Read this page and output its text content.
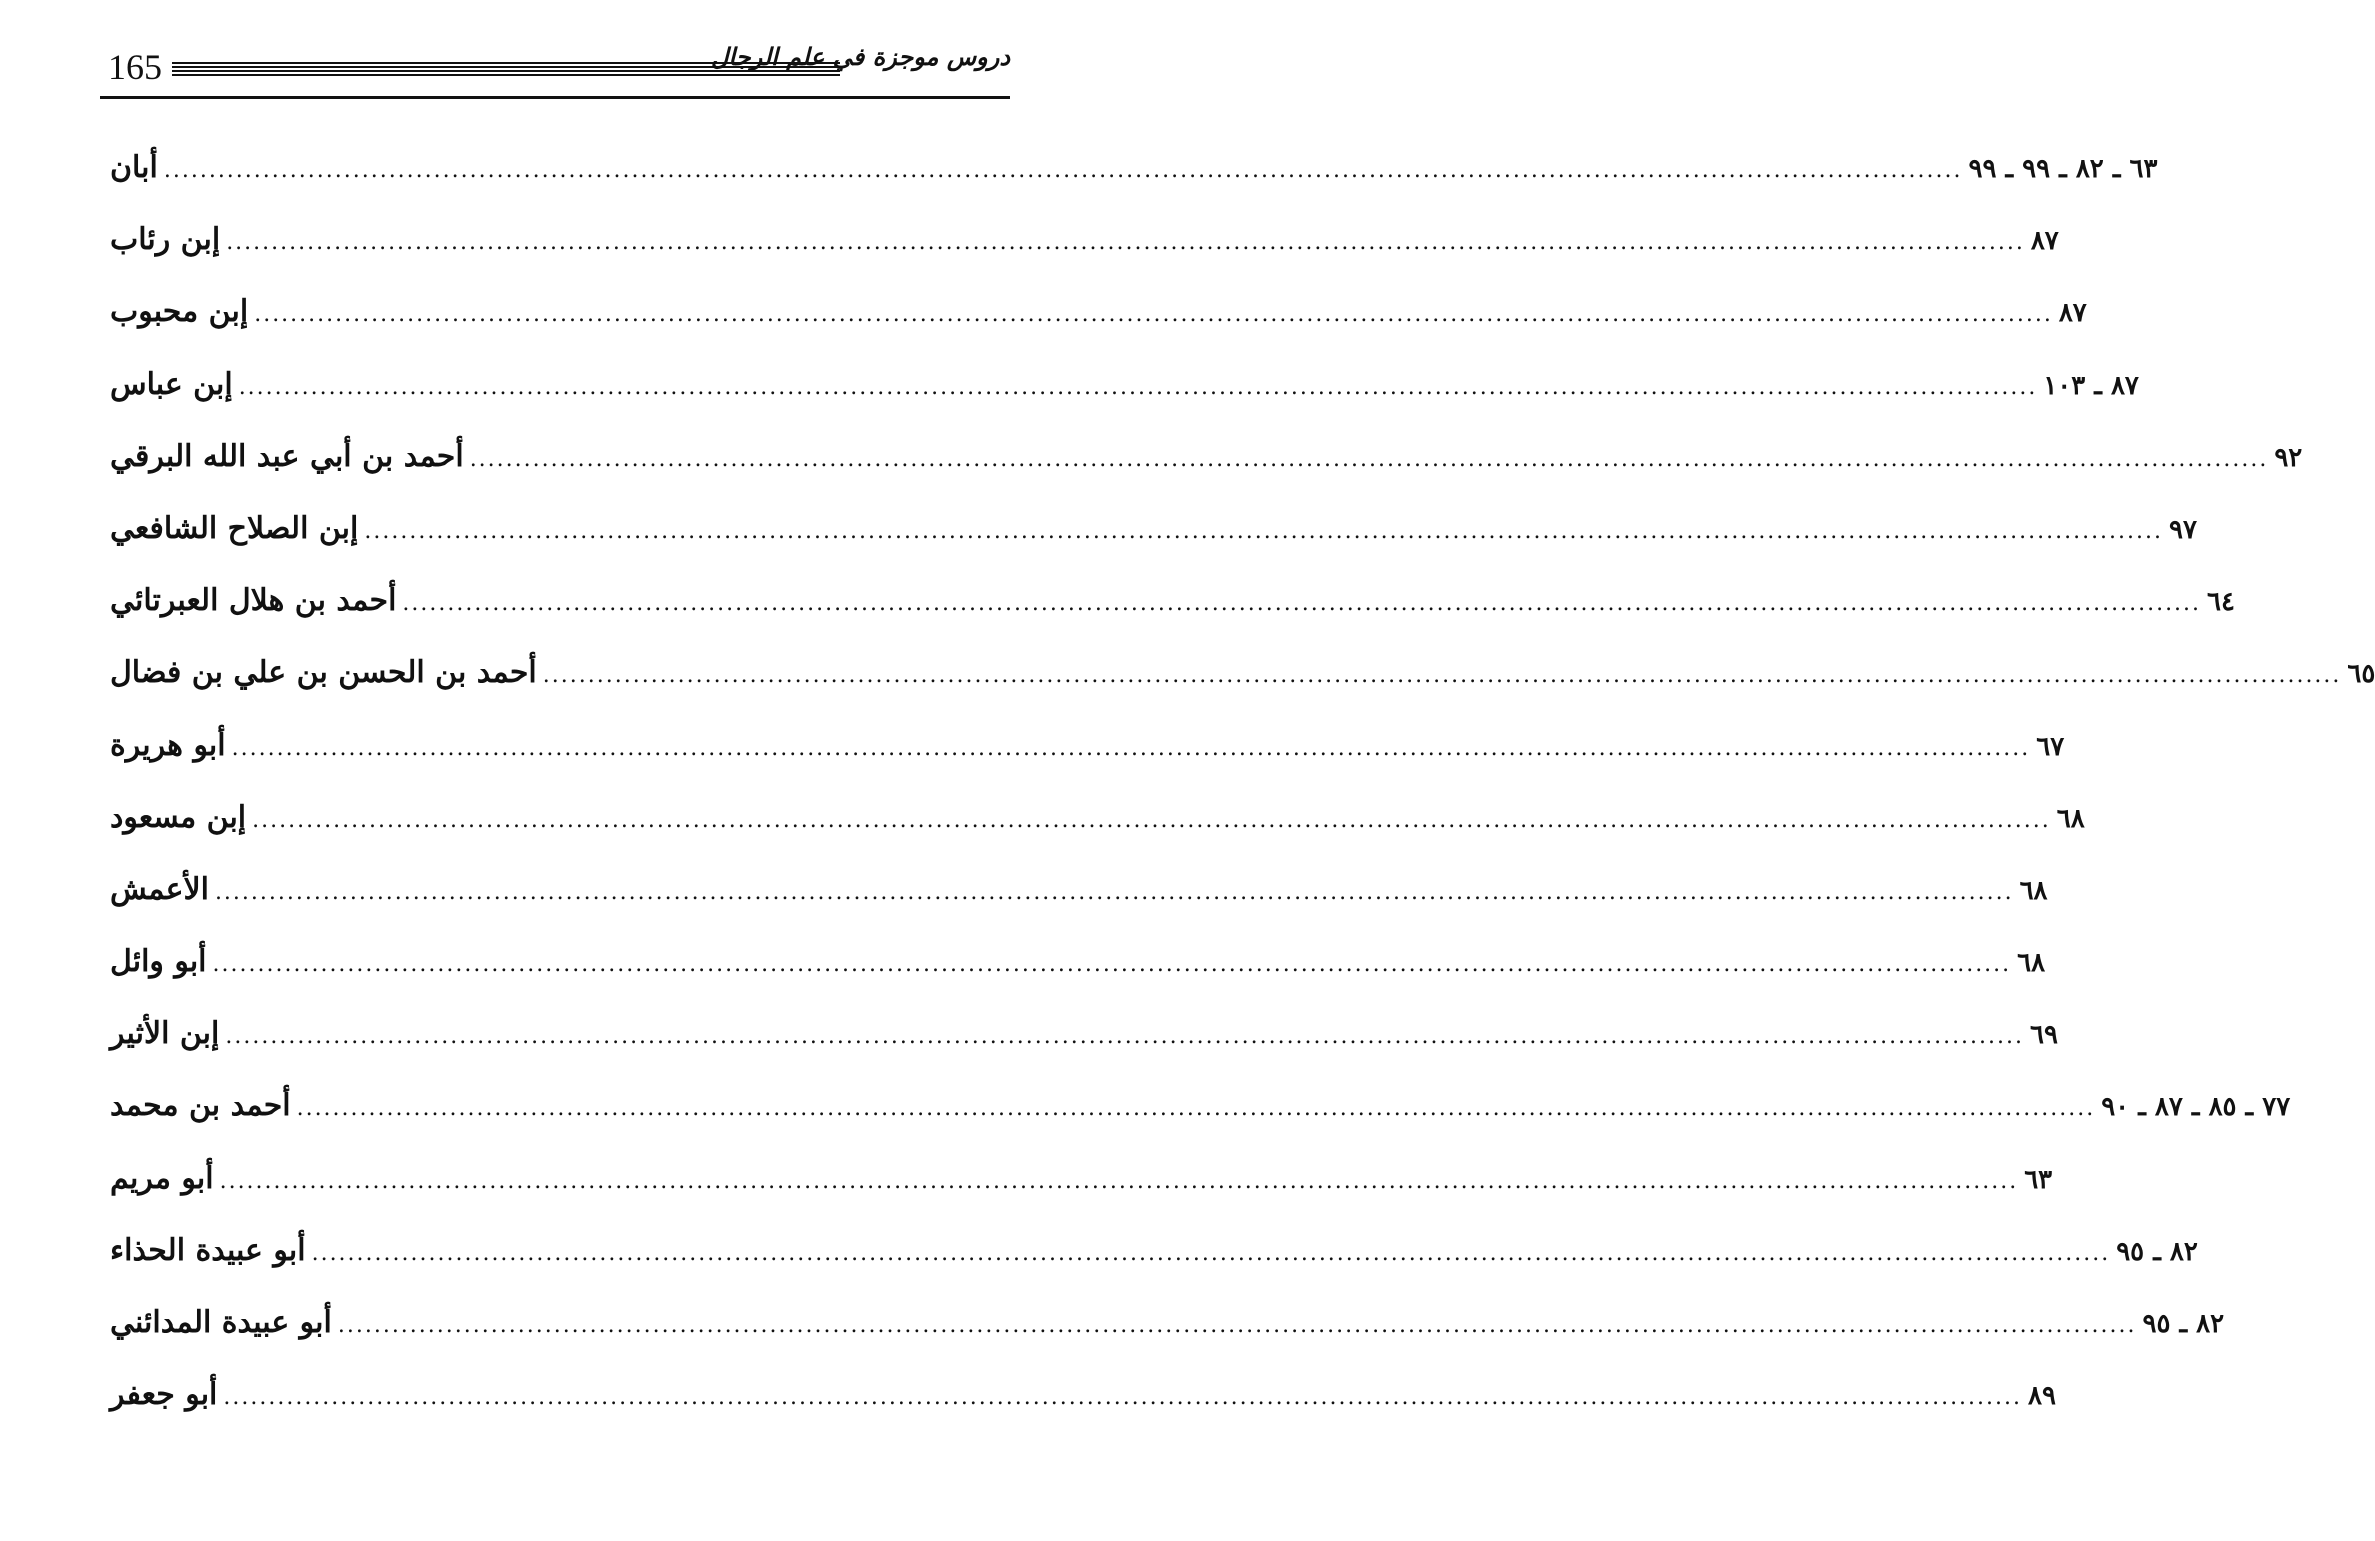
165	دروس موجزة في علم الرجال
أبان ........................................................................................................................................................................................................ ٦٣ ـ ٨٢ ـ ٩٩ ـ ٩٩
إبن رئاب ........................................................................................................................................................................................................ ٨٧
إبن محبوب ........................................................................................................................................................................................................ ٨٧
إبن عباس ........................................................................................................................................................................................................ ٨٧ ـ ١٠٣
أحمد بن أبي عبد الله البرقي ........................................................................................................................................................................................................ ٩٢
إبن الصلاح الشافعي ........................................................................................................................................................................................................ ٩٧
أحمد بن هلال العبرتائي ........................................................................................................................................................................................................ ٦٤
أحمد بن الحسن بن علي بن فضال ........................................................................................................................................................................................................ ٦٥
أبو هريرة ........................................................................................................................................................................................................ ٦٧
إبن مسعود ........................................................................................................................................................................................................ ٦٨
الأعمش ........................................................................................................................................................................................................ ٦٨
أبو وائل ........................................................................................................................................................................................................ ٦٨
إبن الأثير ........................................................................................................................................................................................................ ٦٩
أحمد بن محمد ........................................................................................................................................................................................................ ٧٧ ـ ٨٥ ـ ٨٧ ـ ٩٠
أبو مريم ........................................................................................................................................................................................................ ٦٣
أبو عبيدة الحذاء ........................................................................................................................................................................................................ ٨٢ ـ ٩٥
أبو عبيدة المدائني ........................................................................................................................................................................................................ ٨٢ ـ ٩٥
أبو جعفر ........................................................................................................................................................................................................ ٨٩
